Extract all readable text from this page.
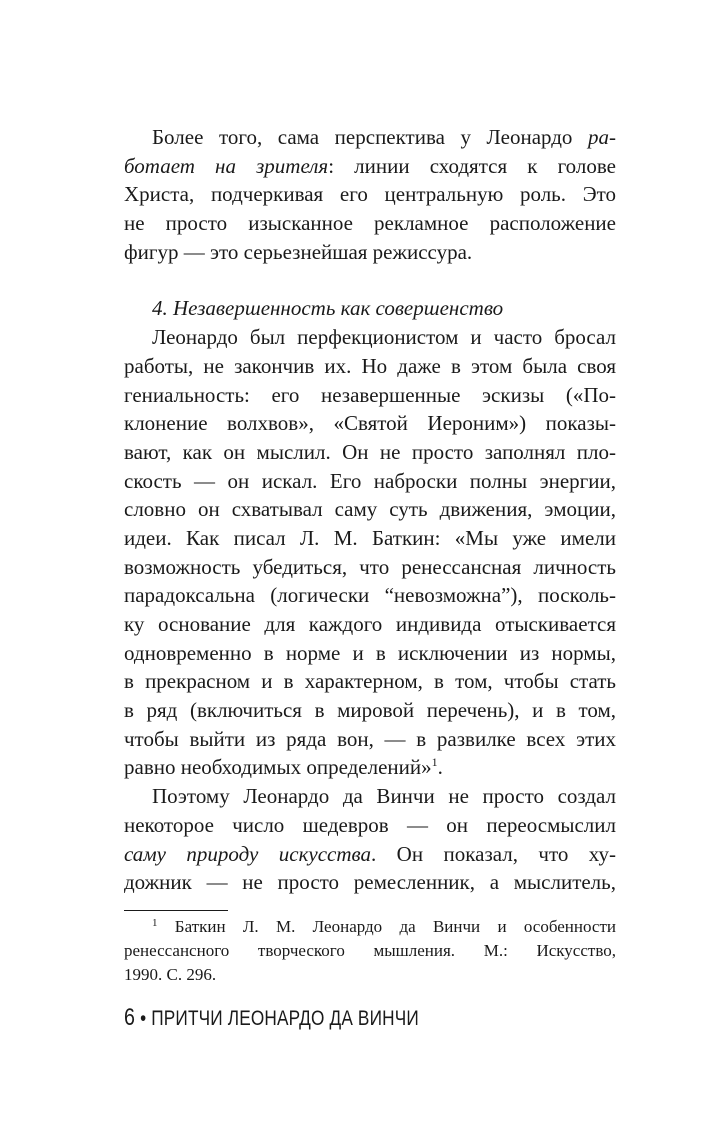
Более того, сама перспектива у Леонардо ра-
ботает на зрителя: линии сходятся к голове
Христа, подчеркивая его центральную роль. Это
не просто изысканное рекламное расположение
фигур — это серьезнейшая режиссура.
4. Незавершенность как совершенство
Леонардо был перфекционистом и часто бросал
работы, не закончив их. Но даже в этом была своя
гениальность: его незавершенные эскизы («По-
клонение волхвов», «Святой Иероним») показы-
вают, как он мыслил. Он не просто заполнял пло-
скость — он искал. Его наброски полны энергии,
словно он схватывал саму суть движения, эмоции,
идеи. Как писал Л. М. Баткин: «Мы уже имели
возможность убедиться, что ренессансная личность
парадоксальна (логически “невозможна”), посколь-
ку основание для каждого индивида отыскивается
одновременно в норме и в исключении из нормы,
в прекрасном и в характерном, в том, чтобы стать
в ряд (включиться в мировой перечень), и в том,
чтобы выйти из ряда вон, — в развилке всех этих
равно необходимых определений»$^1$.
Поэтому Леонардо да Винчи не просто создал
некоторое число шедевров — он переосмыслил
саму природу искусства. Он показал, что ху-
дожник — не просто ремесленник, а мыслитель,
$^1$ Баткин Л. М. Леонардо да Винчи и особенности
ренессансного творческого мышления. М.: Искусство,
1990. С. 296.
6 • ПРИТЧИ ЛЕОНАРДО ДА ВИНЧИ
